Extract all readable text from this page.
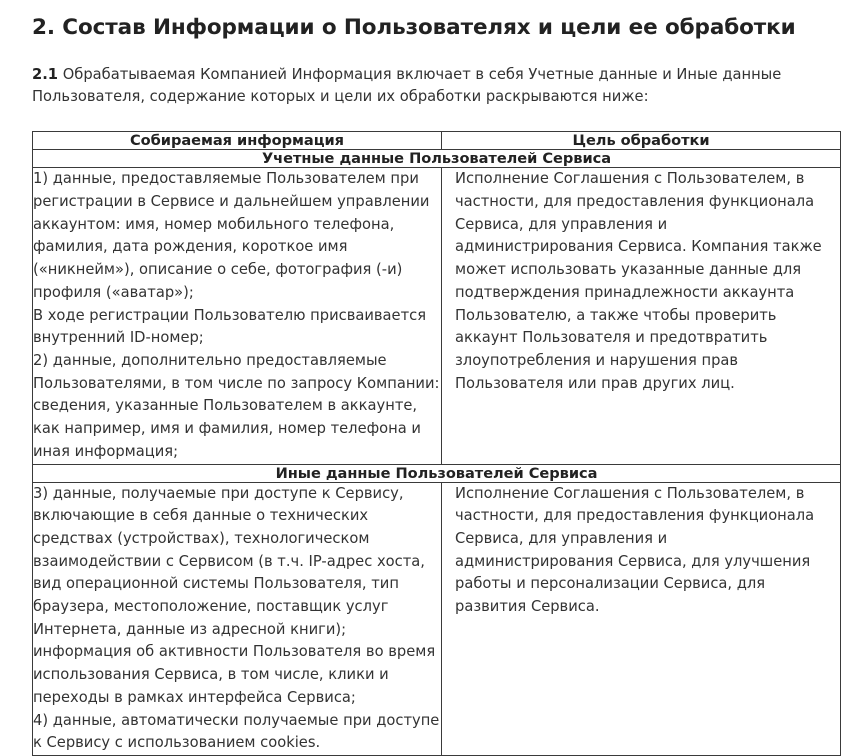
2. Состав Информации о Пользователях и цели ее обработки

2.1 Обрабатываемая Компанией Информация включает в себя Учетные данные и Иные данные Пользователя, содержание которых и цели их обработки раскрываются ниже:

Собираемая информация	Цель обработки
Учетные данные Пользователей Сервиса	
1) данные, предоставляемые Пользователем при регистрации в Сервисе и дальнейшем управлении аккаунтом: имя, номер мобильного телефона, фамилия, дата рождения, короткое имя («никнейм»), описание о себе, фотография (-и) профиля («аватар»);
В ходе регистрации Пользователю присваивается внутренний ID-номер;
2) данные, дополнительно предоставляемые Пользователями, в том числе по запросу Компании: сведения, указанные Пользователем в аккаунте, как например, имя и фамилия, номер телефона и иная информация;	Исполнение Соглашения с Пользователем, в частности, для предоставления функционала Сервиса, для управления и администрирования Сервиса. Компания также может использовать указанные данные для подтверждения принадлежности аккаунта Пользователю, а также чтобы проверить аккаунт Пользователя и предотвратить злоупотребления и нарушения прав Пользователя или прав других лиц.
Иные данные Пользователей Сервиса	
3) данные, получаемые при доступе к Сервису, включающие в себя данные о технических средствах (устройствах), технологическом взаимодействии с Сервисом (в т.ч. IP-адрес хоста, вид операционной системы Пользователя, тип браузера, местоположение, поставщик услуг Интернета, данные из адресной книги); информация об активности Пользователя во время использования Сервиса, в том числе, клики и переходы в рамках интерфейса Сервиса;
4) данные, автоматически получаемые при доступе к Сервису с использованием cookies.	Исполнение Соглашения с Пользователем, в частности, для предоставления функционала Сервиса, для управления и администрирования Сервиса, для улучшения работы и персонализации Сервиса, для развития Сервиса.
